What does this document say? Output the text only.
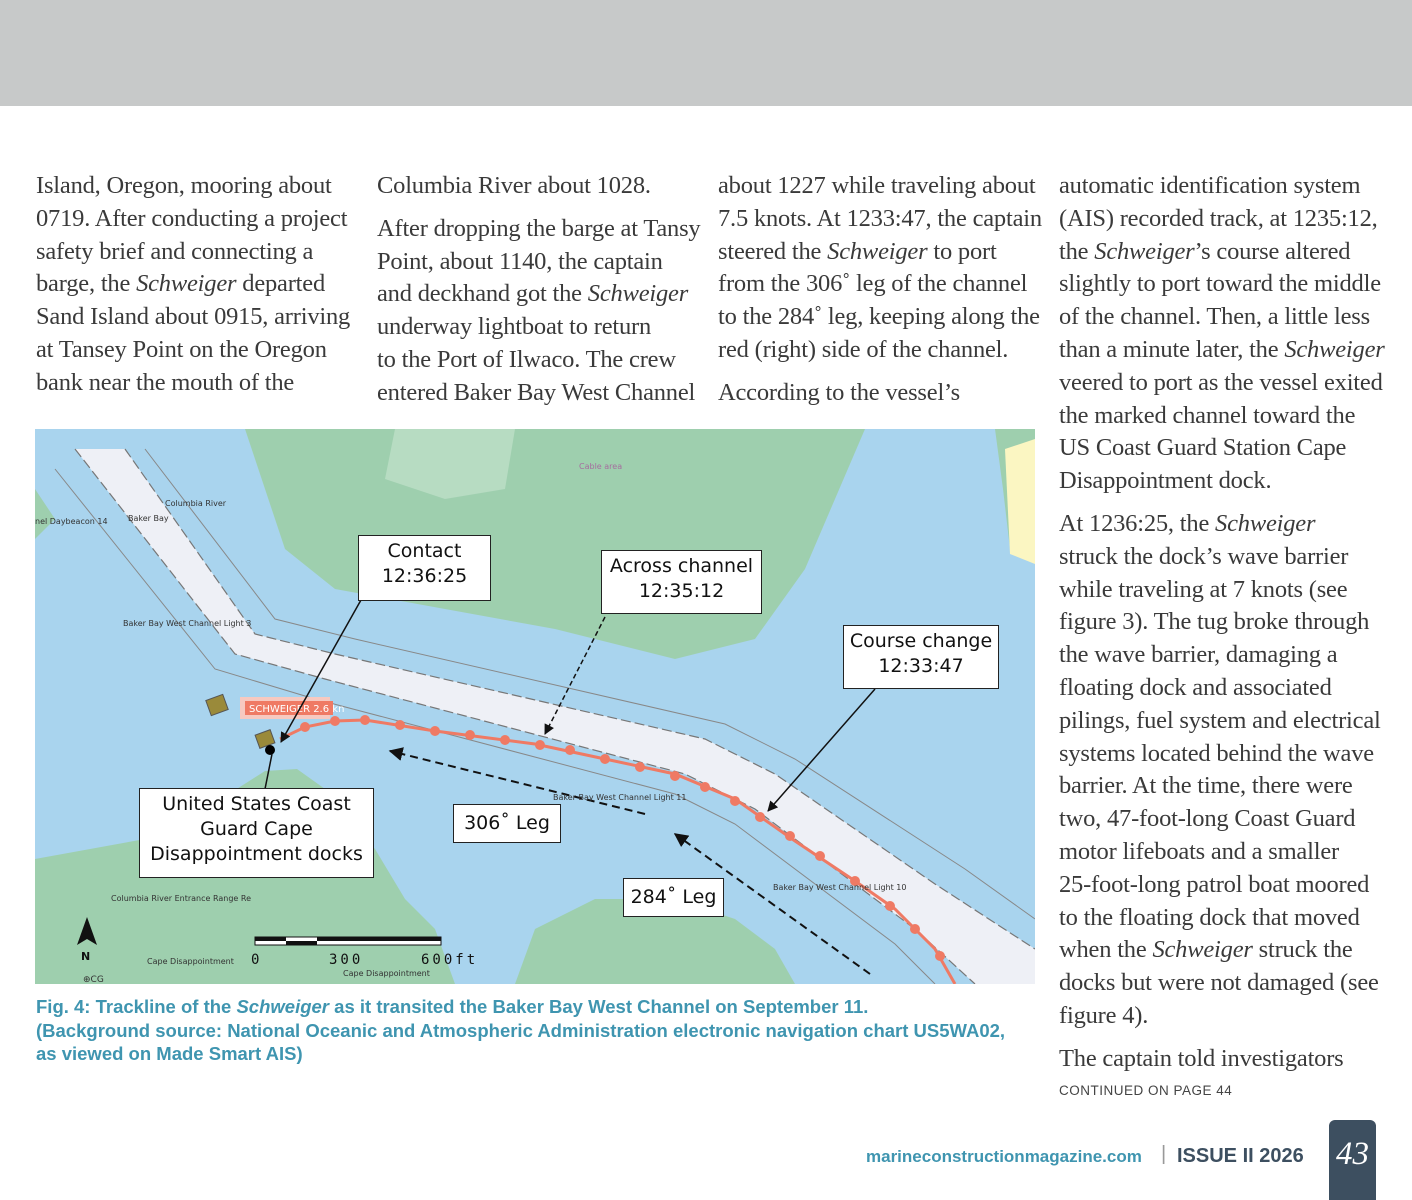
Island, Oregon, mooring about
0719. After conducting a project
safety brief and connecting a
barge, the Schweiger departed
Sand Island about 0915, arriving
at Tansey Point on the Oregon
bank near the mouth of the

Columbia River about 1028.

After dropping the barge at Tansy
Point, about 1140, the captain
and deckhand got the Schweiger
underway lightboat to return
to the Port of Ilwaco. The crew
entered Baker Bay West Channel

about 1227 while traveling about
7.5 knots. At 1233:47, the captain
steered the Schweiger to port
from the 306˚ leg of the channel
to the 284˚ leg, keeping along the
red (right) side of the channel.

According to the vessel’s

automatic identification system
(AIS) recorded track, at 1235:12,
the Schweiger’s course altered
slightly to port toward the middle
of the channel. Then, a little less
than a minute later, the Schweiger
veered to port as the vessel exited
the marked channel toward the
US Coast Guard Station Cape
Disappointment dock.

At 1236:25, the Schweiger
struck the dock’s wave barrier
while traveling at 7 knots (see
figure 3). The tug broke through
the wave barrier, damaging a
floating dock and associated
pilings, fuel system and electrical
systems located behind the wave
barrier. At the time, there were
two, 47-foot-long Coast Guard
motor lifeboats and a smaller
25-foot-long patrol boat moored
to the floating dock that moved
when the Schweiger struck the
docks but were not damaged (see
figure 4).

The captain told investigators

SCHWEIGER 2.6 kn
Cable area
Columbia River
Baker Bay
nel Daybeacon 14
Baker Bay West Channel Light 3
Baker Bay West Channel Light 11
Baker Bay West Channel Light 10
Columbia River Entrance Range Re
Cape Disappointment
Cape Disappointment
⊕CG
N	0	300	600ft
Contact
12:36:25	Across channel
12:35:12
Course change
12:33:47
United States Coast
Guard Cape
Disappointment docks
306˚ Leg
284˚ Leg
Fig. 4: Trackline of the Schweiger as it transited the Baker Bay West Channel on September 11.
(Background source: National Oceanic and Atmospheric Administration electronic navigation chart US5WA02,
as viewed on Made Smart AIS)
CONTINUED ON PAGE 44
marineconstructionmagazine.com | ISSUE II 2026 43
